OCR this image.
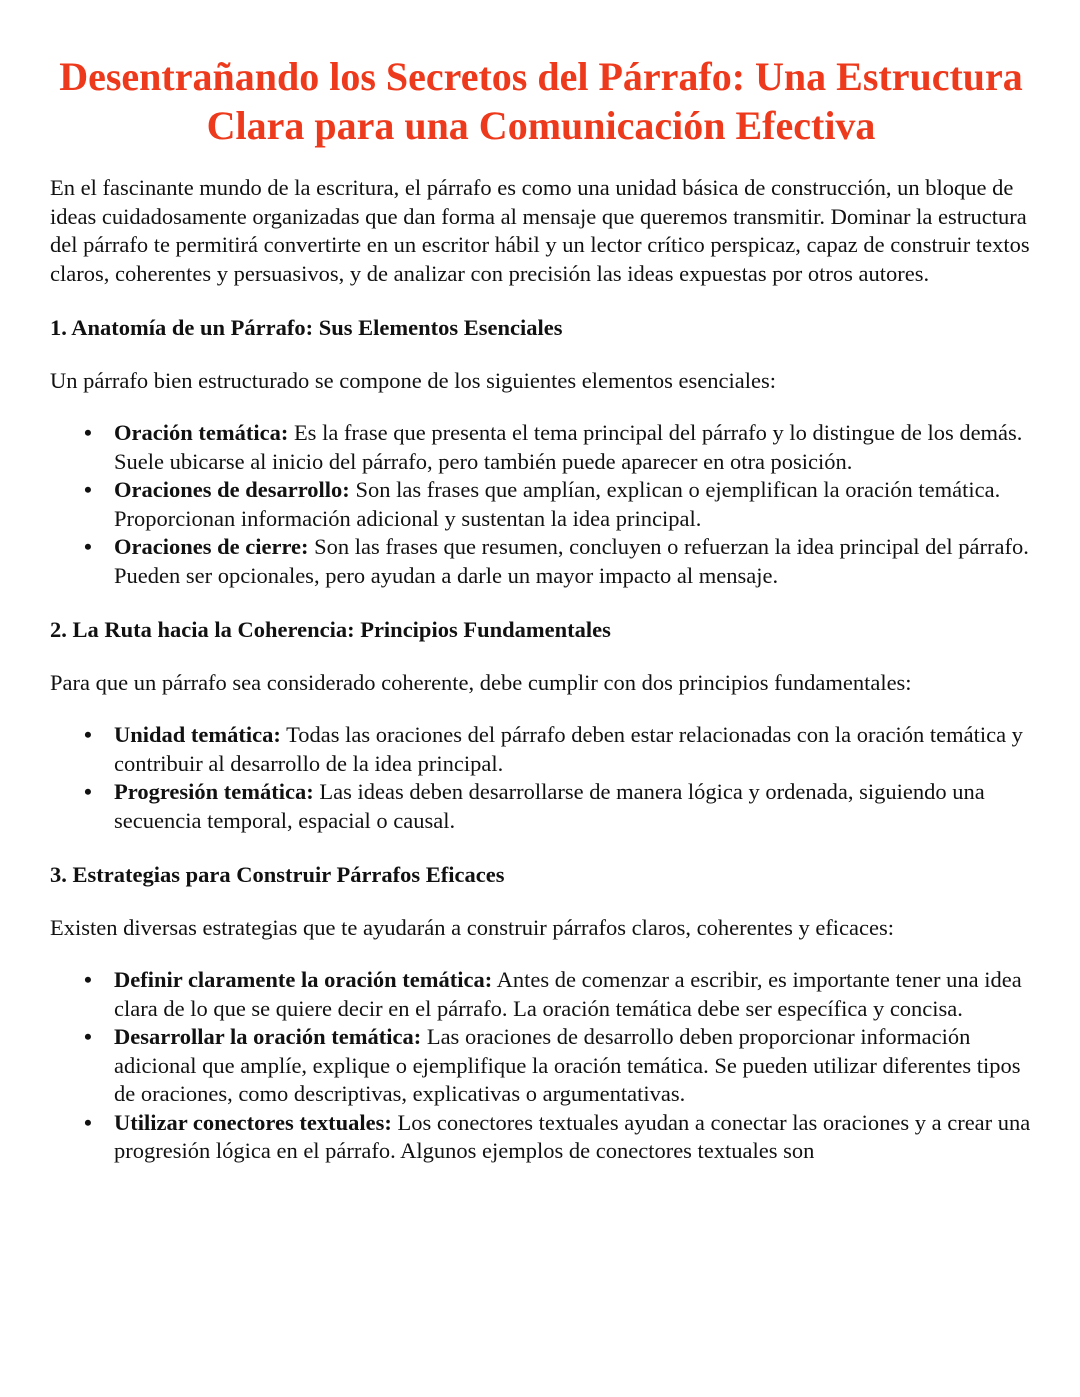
Desentrañando los Secretos del Párrafo: Una Estructura Clara para una Comunicación Efectiva

En el fascinante mundo de la escritura, el párrafo es como una unidad básica de construcción, un bloque de ideas cuidadosamente organizadas que dan forma al mensaje que queremos transmitir. Dominar la estructura del párrafo te permitirá convertirte en un escritor hábil y un lector crítico perspicaz, capaz de construir textos claros, coherentes y persuasivos, y de analizar con precisión las ideas expuestas por otros autores.

1. Anatomía de un Párrafo: Sus Elementos Esenciales

Un párrafo bien estructurado se compone de los siguientes elementos esenciales:

• Oración temática: Es la frase que presenta el tema principal del párrafo y lo distingue de los demás. Suele ubicarse al inicio del párrafo, pero también puede aparecer en otra posición.
• Oraciones de desarrollo: Son las frases que amplían, explican o ejemplifican la oración temática. Proporcionan información adicional y sustentan la idea principal.
• Oraciones de cierre: Son las frases que resumen, concluyen o refuerzan la idea principal del párrafo. Pueden ser opcionales, pero ayudan a darle un mayor impacto al mensaje.
2. La Ruta hacia la Coherencia: Principios Fundamentales

Para que un párrafo sea considerado coherente, debe cumplir con dos principios fundamentales:

• Unidad temática: Todas las oraciones del párrafo deben estar relacionadas con la oración temática y contribuir al desarrollo de la idea principal.
• Progresión temática: Las ideas deben desarrollarse de manera lógica y ordenada, siguiendo una secuencia temporal, espacial o causal.
3. Estrategias para Construir Párrafos Eficaces

Existen diversas estrategias que te ayudarán a construir párrafos claros, coherentes y eficaces:

• Definir claramente la oración temática: Antes de comenzar a escribir, es importante tener una idea clara de lo que se quiere decir en el párrafo. La oración temática debe ser específica y concisa.
• Desarrollar la oración temática: Las oraciones de desarrollo deben proporcionar información adicional que amplíe, explique o ejemplifique la oración temática. Se pueden utilizar diferentes tipos de oraciones, como descriptivas, explicativas o argumentativas.
• Utilizar conectores textuales: Los conectores textuales ayudan a conectar las oraciones y a crear una progresión lógica en el párrafo. Algunos ejemplos de conectores textuales son
